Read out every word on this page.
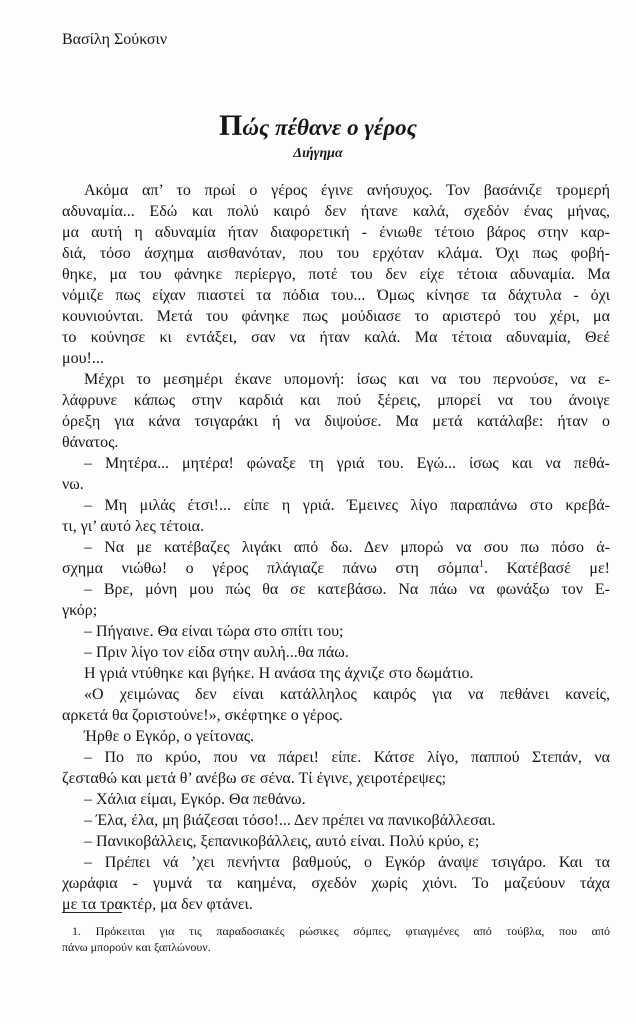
Βασίλη Σούκσιν
Πώς πέθανε ο γέρος
Διήγημα
Ακόμα απ’ το πρωί ο γέρος έγινε ανήσυχος. Τον βασάνιζε τρομερή
αδυναμία... Εδώ και πολύ καιρό δεν ήτανε καλά, σχεδόν ένας μήνας,
μα αυτή η αδυναμία ήταν διαφορετική - ένιωθε τέτοιο βάρος στην καρ-
διά, τόσο άσχημα αισθανόταν, που του ερχόταν κλάμα. Όχι πως φοβή-
θηκε, μα του φάνηκε περίεργο, ποτέ του δεν είχε τέτοια αδυναμία. Μα
νόμιζε πως είχαν πιαστεί τα πόδια του... Όμως κίνησε τα δάχτυλα - όχι
κουνιούνται. Μετά του φάνηκε πως μούδιασε το αριστερό του χέρι, μα
το κούνησε κι εντάξει, σαν να ήταν καλά. Μα τέτοια αδυναμία, Θεέ
μου!...
Μέχρι το μεσημέρι έκανε υπομονή: ίσως και να του περνούσε, να ε-
λάφρυνε κάπως στην καρδιά και πού ξέρεις, μπορεί να του άνοιγε
όρεξη για κάνα τσιγαράκι ή να διψούσε. Μα μετά κατάλαβε: ήταν ο
θάνατος.
– Μητέρα... μητέρα! φώναξε τη γριά του. Εγώ... ίσως και να πεθά-
νω.
– Μη μιλάς έτσι!... είπε η γριά. Έμεινες λίγο παραπάνω στο κρεβά-
τι, γι’ αυτό λες τέτοια.
– Να με κατέβαζες λιγάκι από δω. Δεν μπορώ να σου πω πόσο ά-
σχημα νιώθω! ο γέρος πλάγιαζε πάνω στη σόμπα$^1$. Κατέβασέ με!
– Βρε, μόνη μου πώς θα σε κατεβάσω. Να πάω να φωνάξω τον Ε-
γκόρ;
– Πήγαινε. Θα είναι τώρα στο σπίτι του;
– Πριν λίγο τον είδα στην αυλή...θα πάω.
Η γριά ντύθηκε και βγήκε. Η ανάσα της άχνιζε στο δωμάτιο.
«Ο χειμώνας δεν είναι κατάλληλος καιρός για να πεθάνει κανείς,
αρκετά θα ζοριστούνε!», σκέφτηκε ο γέρος.
Ήρθε ο Εγκόρ, ο γείτονας.
– Πο πο κρύο, που να πάρει! είπε. Κάτσε λίγο, παππού Στεπάν, να
ζεσταθώ και μετά θ’ ανέβω σε σένα. Τί έγινε, χειροτέρεψες;
– Χάλια είμαι, Εγκόρ. Θα πεθάνω.
– Έλα, έλα, μη βιάζεσαι τόσο!... Δεν πρέπει να πανικοβάλλεσαι.
– Πανικοβάλλεις, ξεπανικοβάλλεις, αυτό είναι. Πολύ κρύο, ε;
– Πρέπει νά ’χει πενήντα βαθμούς, ο Εγκόρ άναψε τσιγάρο. Και τα
χωράφια - γυμνά τα καημένα, σχεδόν χωρίς χιόνι. Το μαζεύουν τάχα
με τα τρακτέρ, μα δεν φτάνει.
1. Πρόκειται για τις παραδοσιακές ρώσικες σόμπες, φτιαγμένες από τούβλα, που από
πάνω μπορούν και ξαπλώνουν.
